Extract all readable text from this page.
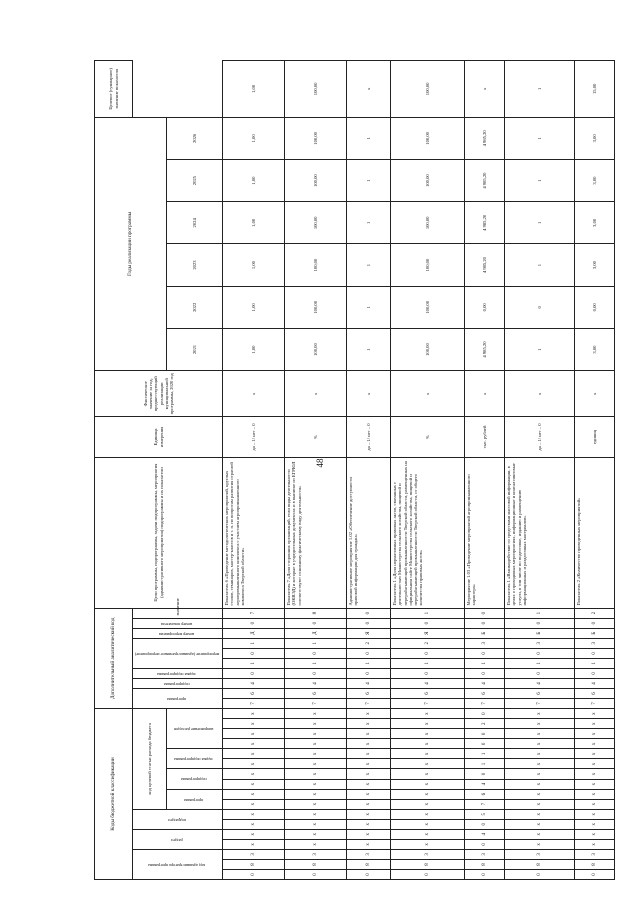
48
Коды бюджетной классификации																	Дополнительный аналитический код										Цели программы, подпрограммы, задачи подпрограммы, мероприятия (административного мероприятия) подпрограммы и их показатели	Единица измерения	Фактическое значение за год, предшествующий реализации муниципальной программы, 2020 год	Годы реализации программы						Целевое (суммарное) значение показателя
код администратора программы			раздел		подраздел		код целевой статьи расхода бюджета										программа		подпрограмма	задача подпрограммы	мероприятие (административное мероприятие)			номер мероприятия	номер показателя	значение										
							программа		подпрограмма		задача подпрограммы		направление расходов																	2021	2022	2023	2024	2025	2026	
0	8	3	х	х	х	х	х	х	х	х	х	х	х	х	х	х	7	6	4	0	1	0	1	Д	0	7	Показатель 6 «Проведение методологических мероприятий, круглых столов, семинаров, мастер-классов и т. п. по вопросам развития отраслей агропромышленного комплекса с участием агропромышленного комплекса Тверской области»	да – 1/ нет – 0	х	1,00	1,00	1,00	1,00	1,00	1,00	1,00
0	8	3	х	х	х	х	х	х	х	х	х	х	х	х	х	х	7	6	4	0	1	0	1	Д	0	8	Показатель 7 «Доля сторонних организаций, если виды деятельности (ОКВЭД) и которые в учредительных документах и в выписке из ЕГРЮЛ соответствуют основному фактическому виду деятельности»	%	х	100,00	100,00	100,00	100,00	100,00	100,00	100,00
0	8	3	х	х	х	х	х	х	х	х	х	х	х	х	х	х	7	6	4	0	1	0	2	Я	0	0	Административное мероприятие 1.02 «Обеспечение доступности правовой информации для граждан»	да – 1/ нет – 0	х	1	1	1	1	1	1	х
0	8	3	х	х	х	х	х	х	х	х	х	х	х	х	х	х	7	6	4	0	1	0	2	Я	0	1	Показатель 1 «Доля нормативных правовых актов, связанных с деятельностью Министерства сельского хозяйства, пищевой и перерабатывающей промышленности Тверской области, размещенных на официальном сайте Министерства сельского хозяйства, пищевой и перерабатывающей промышленности Тверской области, от общего количества правовых актов»	%	х	100,00	100,00	100,00	100,00	100,00	100,00	100,00
0	8	3	0	4	0	5	7	6	4	0	1	1	0	0	2	0	7	6	4	0	1	0	3	Б	0	0	Мероприятие 1.03 «Проведение мероприятий агропромышленного характера»	тыс. рублей	х	4 985,20	0,00	4 985,20	4 985,20	4 985,20	4 985,20	х
0	8	3	х	х	х	х	х	х	х	х	х	х	х	х	х	х	7	6	4	0	1	0	3	Б	0	1	Показатель 1 «Взаимодействие со средствами массовой информации, в целях о проводимых мероприятиях, информационные и консалтинговые услуги, в том числе по подготовке, изданию и размещению информационных и раздаточных материалов»	да – 1/ нет – 0	х	1	0	1	1	1	1	1
0	8	3	х	х	х	х	х	х	х	х	х	х	х	х	х	х	7	6	4	0	1	0	3	Б	0	2	Показатель 2 «Количество проведенных мероприятий»	единиц	х	3,00	0,00	3,00	3,00	3,00	3,00	15,00
